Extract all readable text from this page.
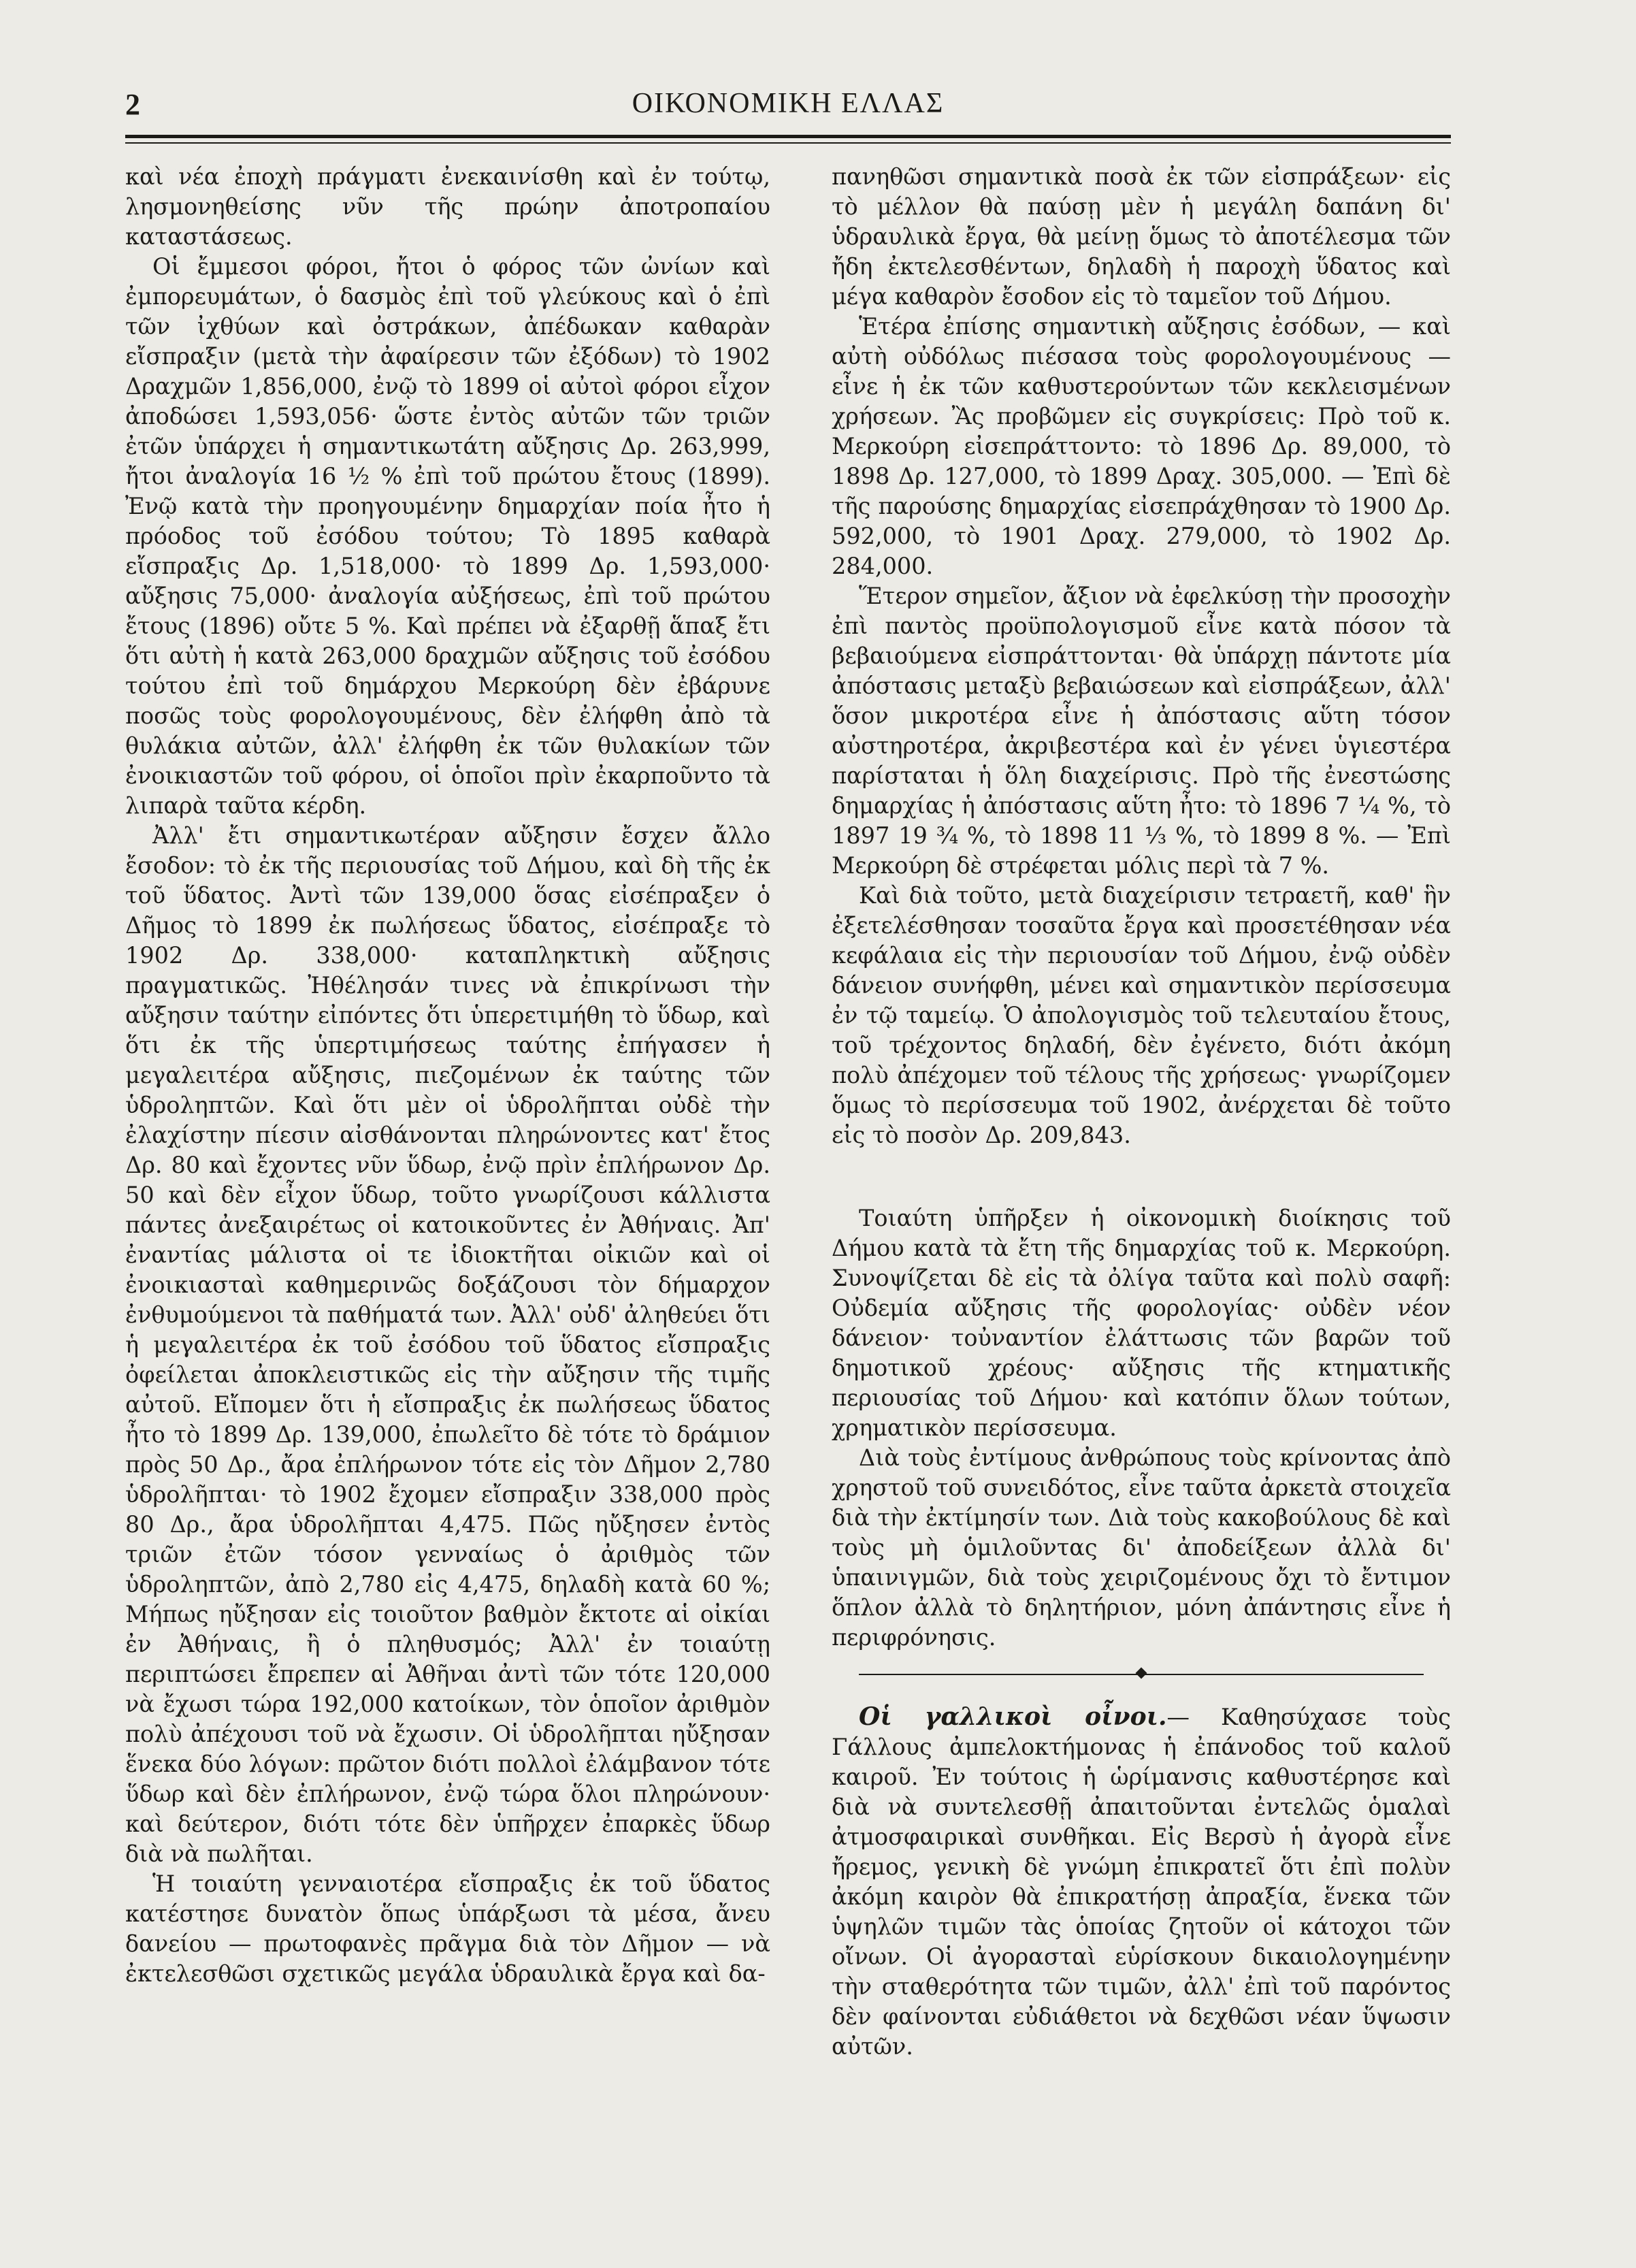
2	ΟΙΚΟΝΟΜΙΚΗ ΕΛΛΑΣ

καὶ νέα ἐποχὴ πράγματι ἐνεκαινίσθη καὶ ἐν τούτῳ, λησμονηθείσης νῦν τῆς πρώην ἀποτροπαίου καταστάσεως.

Οἱ ἔμμεσοι φόροι, ἤτοι ὁ φόρος τῶν ὠνίων καὶ ἐμπορευμάτων, ὁ δασμὸς ἐπὶ τοῦ γλεύκους καὶ ὁ ἐπὶ τῶν ἰχθύων καὶ ὀστράκων, ἀπέδωκαν καθαρὰν εἴσπραξιν (μετὰ τὴν ἀφαίρεσιν τῶν ἐξόδων) τὸ 1902 Δραχμῶν 1,856,000, ἐνῷ τὸ 1899 οἱ αὐτοὶ φόροι εἶχον ἀποδώσει 1,593,056· ὥστε ἐντὸς αὐτῶν τῶν τριῶν ἐτῶν ὑπάρχει ἡ σημαντικωτάτη αὔξησις Δρ. 263,999, ἤτοι ἀναλογία 16 ½ % ἐπὶ τοῦ πρώτου ἔτους (1899). Ἐνῷ κατὰ τὴν προηγουμένην δημαρχίαν ποία ἦτο ἡ πρόοδος τοῦ ἐσόδου τούτου; Τὸ 1895 καθαρὰ εἴσπραξις Δρ. 1,518,000· τὸ 1899 Δρ. 1,593,000· αὔξησις 75,000· ἀναλογία αὐξήσεως, ἐπὶ τοῦ πρώτου ἔτους (1896) οὔτε 5 %. Καὶ πρέπει νὰ ἐξαρθῇ ἅπαξ ἔτι ὅτι αὐτὴ ἡ κατὰ 263,000 δραχμῶν αὔξησις τοῦ ἐσόδου τούτου ἐπὶ τοῦ δημάρχου Μερκούρη δὲν ἐβάρυνε ποσῶς τοὺς φορολογουμένους, δὲν ἐλήφθη ἀπὸ τὰ θυλάκια αὐτῶν, ἀλλ' ἐλήφθη ἐκ τῶν θυλακίων τῶν ἐνοικιαστῶν τοῦ φόρου, οἱ ὁποῖοι πρὶν ἐκαρποῦντο τὰ λιπαρὰ ταῦτα κέρδη.

Ἀλλ' ἔτι σημαντικωτέραν αὔξησιν ἔσχεν ἄλλο ἔσοδον: τὸ ἐκ τῆς περιουσίας τοῦ Δήμου, καὶ δὴ τῆς ἐκ τοῦ ὕδατος. Ἀντὶ τῶν 139,000 ὅσας εἰσέπραξεν ὁ Δῆμος τὸ 1899 ἐκ πωλήσεως ὕδατος, εἰσέπραξε τὸ 1902 Δρ. 338,000· καταπληκτικὴ αὔξησις πραγματικῶς. Ἠθέλησάν τινες νὰ ἐπικρίνωσι τὴν αὔξησιν ταύτην εἰπόντες ὅτι ὑπερετιμήθη τὸ ὕδωρ, καὶ ὅτι ἐκ τῆς ὑπερτιμήσεως ταύτης ἐπήγασεν ἡ μεγαλειτέρα αὔξησις, πιεζομένων ἐκ ταύτης τῶν ὑδροληπτῶν. Καὶ ὅτι μὲν οἱ ὑδρολῆπται οὐδὲ τὴν ἐλαχίστην πίεσιν αἰσθάνονται πληρώνοντες κατ' ἔτος Δρ. 80 καὶ ἔχοντες νῦν ὕδωρ, ἐνῷ πρὶν ἐπλήρωνον Δρ. 50 καὶ δὲν εἶχον ὕδωρ, τοῦτο γνωρίζουσι κάλλιστα πάντες ἀνεξαιρέτως οἱ κατοικοῦντες ἐν Ἀθήναις. Ἀπ' ἐναντίας μάλιστα οἱ τε ἰδιοκτῆται οἰκιῶν καὶ οἱ ἐνοικιασταὶ καθημερινῶς δοξάζουσι τὸν δήμαρχον ἐνθυμούμενοι τὰ παθήματά των. Ἀλλ' οὐδ' ἀληθεύει ὅτι ἡ μεγαλειτέρα ἐκ τοῦ ἐσόδου τοῦ ὕδατος εἴσπραξις ὀφείλεται ἀποκλειστικῶς εἰς τὴν αὔξησιν τῆς τιμῆς αὐτοῦ. Εἴπομεν ὅτι ἡ εἴσπραξις ἐκ πωλήσεως ὕδατος ἦτο τὸ 1899 Δρ. 139,000, ἐπωλεῖτο δὲ τότε τὸ δράμιον πρὸς 50 Δρ., ἄρα ἐπλήρωνον τότε εἰς τὸν Δῆμον 2,780 ὑδρολῆπται· τὸ 1902 ἔχομεν εἴσπραξιν 338,000 πρὸς 80 Δρ., ἄρα ὑδρολῆπται 4,475. Πῶς ηὔξησεν ἐντὸς τριῶν ἐτῶν τόσον γενναίως ὁ ἀριθμὸς τῶν ὑδροληπτῶν, ἀπὸ 2,780 εἰς 4,475, δηλαδὴ κατὰ 60 %; Μήπως ηὔξησαν εἰς τοιοῦτον βαθμὸν ἔκτοτε αἱ οἰκίαι ἐν Ἀθήναις, ἢ ὁ πληθυσμός; Ἀλλ' ἐν τοιαύτῃ περιπτώσει ἔπρεπεν αἱ Ἀθῆναι ἀντὶ τῶν τότε 120,000 νὰ ἔχωσι τώρα 192,000 κατοίκων, τὸν ὁποῖον ἀριθμὸν πολὺ ἀπέχουσι τοῦ νὰ ἔχωσιν. Οἱ ὑδρολῆπται ηὔξησαν ἕνεκα δύο λόγων: πρῶτον διότι πολλοὶ ἐλάμβανον τότε ὕδωρ καὶ δὲν ἐπλήρωνον, ἐνῷ τώρα ὅλοι πληρώνουν· καὶ δεύτερον, διότι τότε δὲν ὑπῆρχεν ἐπαρκὲς ὕδωρ διὰ νὰ πωλῆται.

Ἡ τοιαύτη γενναιοτέρα εἴσπραξις ἐκ τοῦ ὕδατος κατέστησε δυνατὸν ὅπως ὑπάρξωσι τὰ μέσα, ἄνευ δανείου — πρωτοφανὲς πρᾶγμα διὰ τὸν Δῆμον — νὰ ἐκτελεσθῶσι σχετικῶς μεγάλα ὑδραυλικὰ ἔργα καὶ δα-

πανηθῶσι σημαντικὰ ποσὰ ἐκ τῶν εἰσπράξεων· εἰς τὸ μέλλον θὰ παύσῃ μὲν ἡ μεγάλη δαπάνη δι' ὑδραυλικὰ ἔργα, θὰ μείνῃ ὅμως τὸ ἀποτέλεσμα τῶν ἤδη ἐκτελεσθέντων, δηλαδὴ ἡ παροχὴ ὕδατος καὶ μέγα καθαρὸν ἔσοδον εἰς τὸ ταμεῖον τοῦ Δήμου.

Ἑτέρα ἐπίσης σημαντικὴ αὔξησις ἐσόδων, — καὶ αὐτὴ οὐδόλως πιέσασα τοὺς φορολογουμένους — εἶνε ἡ ἐκ τῶν καθυστερούντων τῶν κεκλεισμένων χρήσεων. Ἂς προβῶμεν εἰς συγκρίσεις: Πρὸ τοῦ κ. Μερκούρη εἰσεπράττοντο: τὸ 1896 Δρ. 89,000, τὸ 1898 Δρ. 127,000, τὸ 1899 Δραχ. 305,000. — Ἐπὶ δὲ τῆς παρούσης δημαρχίας εἰσεπράχθησαν τὸ 1900 Δρ. 592,000, τὸ 1901 Δραχ. 279,000, τὸ 1902 Δρ. 284,000.

Ἕτερον σημεῖον, ἄξιον νὰ ἐφελκύσῃ τὴν προσοχὴν ἐπὶ παντὸς προϋπολογισμοῦ εἶνε κατὰ πόσον τὰ βεβαιούμενα εἰσπράττονται· θὰ ὑπάρχῃ πάντοτε μία ἀπόστασις μεταξὺ βεβαιώσεων καὶ εἰσπράξεων, ἀλλ' ὅσον μικροτέρα εἶνε ἡ ἀπόστασις αὕτη τόσον αὐστηροτέρα, ἀκριβεστέρα καὶ ἐν γένει ὑγιεστέρα παρίσταται ἡ ὅλη διαχείρισις. Πρὸ τῆς ἐνεστώσης δημαρχίας ἡ ἀπόστασις αὕτη ἦτο: τὸ 1896 7 ¼ %, τὸ 1897 19 ¾ %, τὸ 1898 11 ⅓ %, τὸ 1899 8 %. — Ἐπὶ Μερκούρη δὲ στρέφεται μόλις περὶ τὰ 7 %.

Καὶ διὰ τοῦτο, μετὰ διαχείρισιν τετραετῆ, καθ' ἣν ἐξετελέσθησαν τοσαῦτα ἔργα καὶ προσετέθησαν νέα κεφάλαια εἰς τὴν περιουσίαν τοῦ Δήμου, ἐνῷ οὐδὲν δάνειον συνήφθη, μένει καὶ σημαντικὸν περίσσευμα ἐν τῷ ταμείῳ. Ὁ ἀπολογισμὸς τοῦ τελευταίου ἔτους, τοῦ τρέχοντος δηλαδή, δὲν ἐγένετο, διότι ἀκόμη πολὺ ἀπέχομεν τοῦ τέλους τῆς χρήσεως· γνωρίζομεν ὅμως τὸ περίσσευμα τοῦ 1902, ἀνέρχεται δὲ τοῦτο εἰς τὸ ποσὸν Δρ. 209,843.

Τοιαύτη ὑπῆρξεν ἡ οἰκονομικὴ διοίκησις τοῦ Δήμου κατὰ τὰ ἔτη τῆς δημαρχίας τοῦ κ. Μερκούρη. Συνοψίζεται δὲ εἰς τὰ ὀλίγα ταῦτα καὶ πολὺ σαφῆ: Οὐδεμία αὔξησις τῆς φορολογίας· οὐδὲν νέον δάνειον· τοὐναντίον ἐλάττωσις τῶν βαρῶν τοῦ δημοτικοῦ χρέους· αὔξησις τῆς κτηματικῆς περιουσίας τοῦ Δήμου· καὶ κατόπιν ὅλων τούτων, χρηματικὸν περίσσευμα.

Διὰ τοὺς ἐντίμους ἀνθρώπους τοὺς κρίνοντας ἀπὸ χρηστοῦ τοῦ συνειδότος, εἶνε ταῦτα ἀρκετὰ στοιχεῖα διὰ τὴν ἐκτίμησίν των. Διὰ τοὺς κακοβούλους δὲ καὶ τοὺς μὴ ὁμιλοῦντας δι' ἀποδείξεων ἀλλὰ δι' ὑπαινιγμῶν, διὰ τοὺς χειριζομένους ὄχι τὸ ἔντιμον ὅπλον ἀλλὰ τὸ δηλητήριον, μόνη ἀπάντησις εἶνε ἡ περιφρόνησις.

Οἱ γαλλικοὶ οἶνοι.— Καθησύχασε τοὺς Γάλλους ἀμπελοκτήμονας ἡ ἐπάνοδος τοῦ καλοῦ καιροῦ. Ἐν τούτοις ἡ ὡρίμανσις καθυστέρησε καὶ διὰ νὰ συντελεσθῇ ἀπαιτοῦνται ἐντελῶς ὁμαλαὶ ἀτμοσφαιρικαὶ συνθῆκαι. Εἰς Βερσὺ ἡ ἀγορὰ εἶνε ἤρεμος, γενικὴ δὲ γνώμη ἐπικρατεῖ ὅτι ἐπὶ πολὺν ἀκόμη καιρὸν θὰ ἐπικρατήσῃ ἀπραξία, ἕνεκα τῶν ὑψηλῶν τιμῶν τὰς ὁποίας ζητοῦν οἱ κάτοχοι τῶν οἴνων. Οἱ ἀγορασταὶ εὑρίσκουν δικαιολογημένην τὴν σταθερότητα τῶν τιμῶν, ἀλλ' ἐπὶ τοῦ παρόντος δὲν φαίνονται εὐδιάθετοι νὰ δεχθῶσι νέαν ὕψωσιν αὐτῶν.
